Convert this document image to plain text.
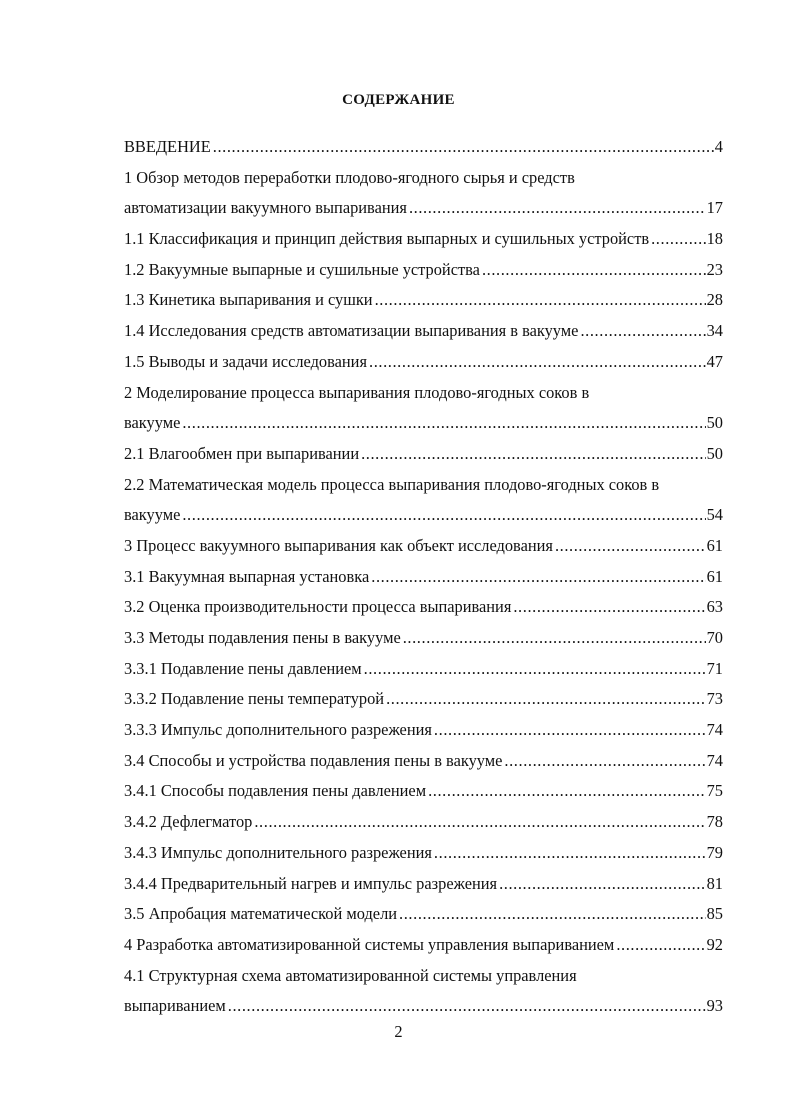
СОДЕРЖАНИЕ
ВВЕДЕНИЕ .....	4
1 Обзор методов переработки плодово-ягодного сырья и средств
автоматизации вакуумного выпаривания .....	17
1.1 Классификация и принцип действия выпарных и сушильных устройств .....	18
1.2 Вакуумные выпарные и сушильные устройства .....	23
1.3 Кинетика выпаривания и сушки .....	28
1.4 Исследования средств автоматизации выпаривания в вакууме .....	34
1.5 Выводы и задачи исследования .....	47
2 Моделирование процесса выпаривания плодово-ягодных соков в
вакууме .....	50
2.1 Влагообмен при выпаривании .....	50
2.2 Математическая модель процесса выпаривания плодово-ягодных соков в
вакууме .....	54
3 Процесс вакуумного выпаривания как объект исследования .....	61
3.1 Вакуумная выпарная установка .....	61
3.2 Оценка производительности процесса выпаривания .....	63
3.3 Методы подавления пены в вакууме .....	70
3.3.1 Подавление пены давлением .....	71
3.3.2 Подавление пены температурой .....	73
3.3.3 Импульс дополнительного разрежения .....	74
3.4 Способы и устройства подавления пены в вакууме .....	74
3.4.1 Способы подавления пены давлением .....	75
3.4.2 Дефлегматор .....	78
3.4.3 Импульс дополнительного разрежения .....	79
3.4.4 Предварительный нагрев и импульс разрежения .....	81
3.5 Апробация математической модели .....	85
4 Разработка автоматизированной системы управления выпариванием .....	92
4.1 Структурная схема автоматизированной системы управления
выпариванием .....	93
2
